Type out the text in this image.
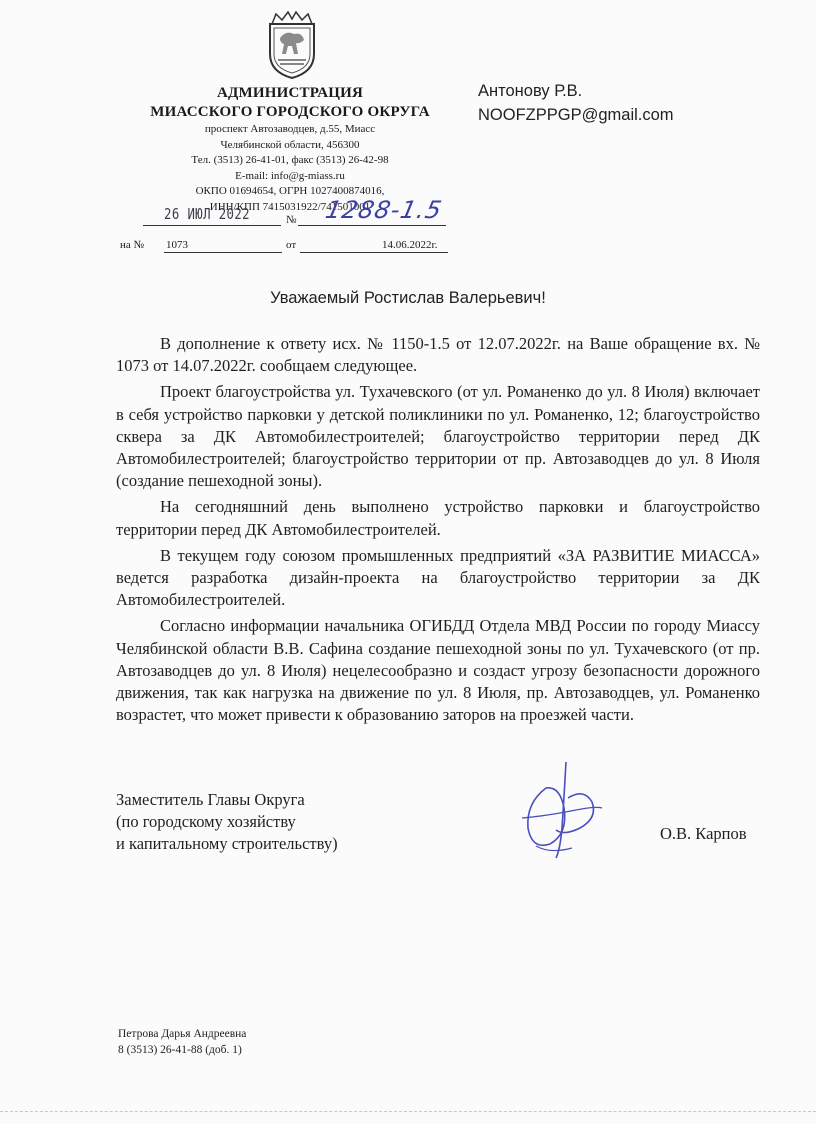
АДМИНИСТРАЦИЯ
МИАССКОГО ГОРОДСКОГО ОКРУГА
проспект Автозаводцев, д.55, Миасс
Челябинской области, 456300
Тел. (3513) 26-41-01, факс (3513) 26-42-98
E-mail: info@g-miass.ru
ОКПО 01694654, ОГРН 1027400874016,
ИНН/КПП 7415031922/741501001
Антонову Р.В.
NOOFZPPGP@gmail.com
26 ИЮЛ 2022	№ 1288-1.5
на № 1073	от	14.06.2022г.
Уважаемый Ростислав Валерьевич!

В дополнение к ответу исх. № 1150-1.5 от 12.07.2022г. на Ваше обращение вх. № 1073 от 14.07.2022г. сообщаем следующее.

Проект благоустройства ул. Тухачевского (от ул. Романенко до ул. 8 Июля) включает в себя устройство парковки у детской поликлиники по ул. Романенко, 12; благоустройство сквера за ДК Автомобилестроителей; благоустройство территории перед ДК Автомобилестроителей; благоустройство территории от пр. Автозаводцев до ул. 8 Июля (создание пешеходной зоны).

На сегодняшний день выполнено устройство парковки и благоустройство территории перед ДК Автомобилестроителей.

В текущем году союзом промышленных предприятий «ЗА РАЗВИТИЕ МИАССА» ведется разработка дизайн-проекта на благоустройство территории за ДК Автомобилестроителей.

Согласно информации начальника ОГИБДД Отдела МВД России по городу Миассу Челябинской области В.В. Сафина создание пешеходной зоны по ул. Тухачевского (от пр. Автозаводцев до ул. 8 Июля) нецелесообразно и создаст угрозу безопасности дорожного движения, так как нагрузка на движение по ул. 8 Июля, пр. Автозаводцев, ул. Романенко возрастет, что может привести к образованию заторов на проезжей части.

Заместитель Главы Округа
(по городскому хозяйству
и капитальному строительству)
О.В. Карпов
Петрова Дарья Андреевна
8 (3513) 26-41-88 (доб. 1)
